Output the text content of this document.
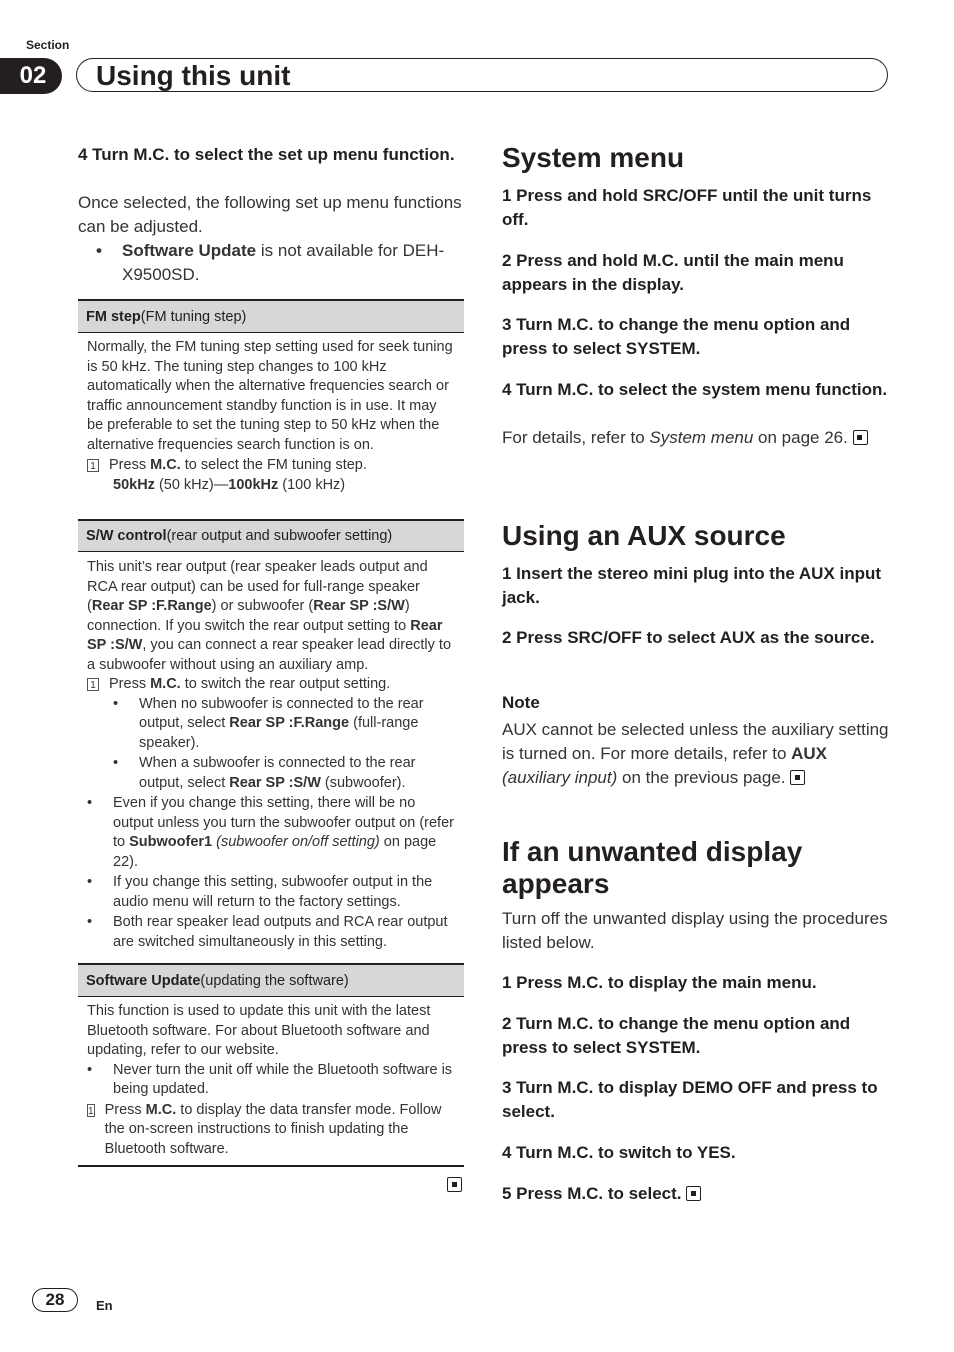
Section
02	Using this unit
4 Turn M.C. to select the set up menu function.
Once selected, the following set up menu functions can be adjusted.
•	Software Update is not available for DEH-X9500SD.
FM step (FM tuning step)

Normally, the FM tuning step setting used for seek tuning is 50 kHz. The tuning step changes to 100 kHz automatically when the alternative frequencies search or traffic announcement standby function is in use. It may be preferable to set the tuning step to 50 kHz when the alternative frequencies search function is on.

1 Press M.C. to select the FM tuning step.
50kHz (50 kHz)—100kHz (100 kHz)
S/W control (rear output and subwoofer setting)

This unit’s rear output (rear speaker leads output and RCA rear output) can be used for full-range speaker (Rear SP :F.Range) or subwoofer (Rear SP :S/W) connection. If you switch the rear output setting to Rear SP :S/W, you can connect a rear speaker lead directly to a subwoofer without using an auxiliary amp.

1 Press M.C. to switch the rear output setting.
•	When no subwoofer is connected to the rear output, select Rear SP :F.Range (full-range speaker).
•	When a subwoofer is connected to the rear output, select Rear SP :S/W (subwoofer).
•	Even if you change this setting, there will be no output unless you turn the subwoofer output on (refer to Subwoofer1 (subwoofer on/off setting) on page 22).
•	If you change this setting, subwoofer output in the audio menu will return to the factory settings.
•	Both rear speaker lead outputs and RCA rear output are switched simultaneously in this setting.
Software Update (updating the software)

This function is used to update this unit with the latest Bluetooth software. For about Bluetooth software and updating, refer to our website.

•	Never turn the unit off while the Bluetooth software is being updated.
1 Press M.C. to display the data transfer mode. Follow the on-screen instructions to finish updating the Bluetooth software.
System menu
1 Press and hold SRC/OFF until the unit turns off.
2 Press and hold M.C. until the main menu appears in the display.
3 Turn M.C. to change the menu option and press to select SYSTEM.
4 Turn M.C. to select the system menu function.
For details, refer to System menu on page 26.
Using an AUX source
1 Insert the stereo mini plug into the AUX input jack.
2 Press SRC/OFF to select AUX as the source.
Note
AUX cannot be selected unless the auxiliary setting is turned on. For more details, refer to AUX (auxiliary input) on the previous page.
If an unwanted display appears
Turn off the unwanted display using the procedures listed below.
1 Press M.C. to display the main menu.
2 Turn M.C. to change the menu option and press to select SYSTEM.
3 Turn M.C. to display DEMO OFF and press to select.
4 Turn M.C. to switch to YES.
5 Press M.C. to select.
28	En
